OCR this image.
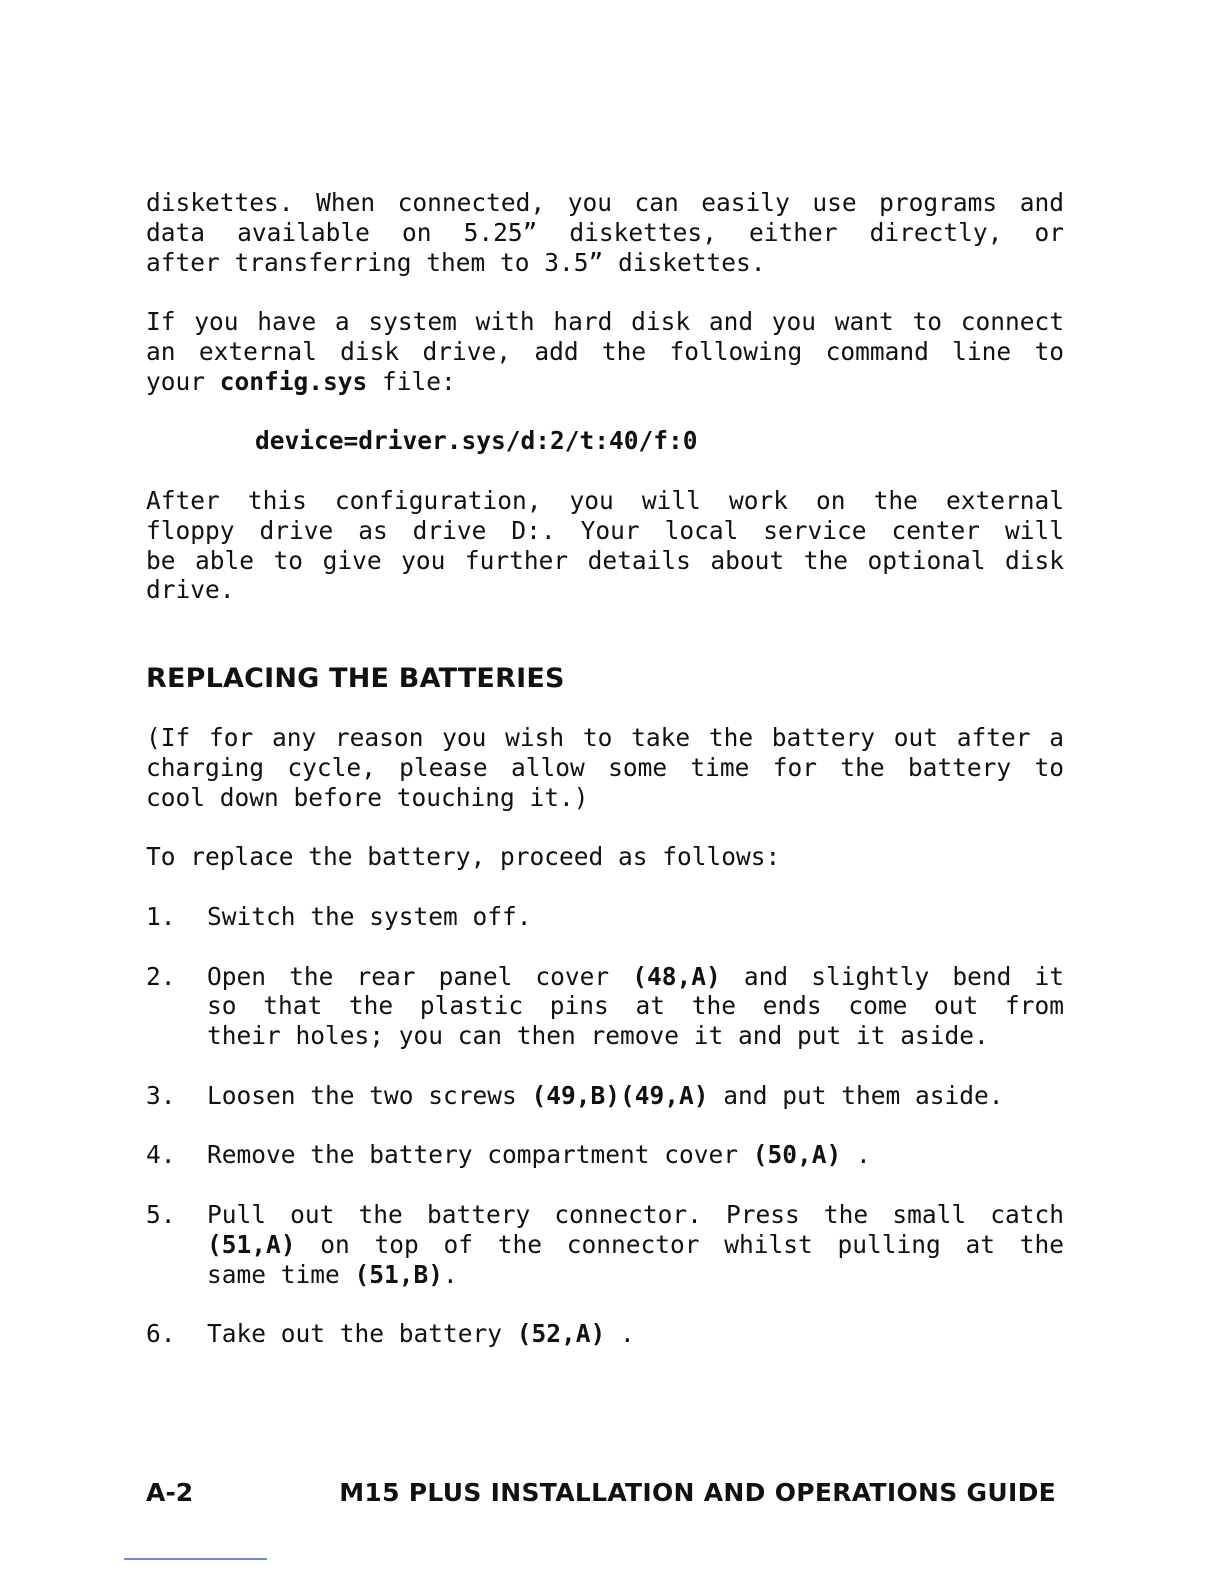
diskettes. When connected, you can easily use programs and
data available on 5.25” diskettes, either directly, or
after transferring them to 3.5” diskettes.
If you have a system with hard disk and you want to connect
an external disk drive, add the following command line to
your config.sys file:

device=driver.sys/d:2/t:40/f:0

After this configuration, you will work on the external
floppy drive as drive D:. Your local service center will
be able to give you further details about the optional disk
drive.
REPLACING THE BATTERIES
(If for any reason you wish to take the battery out after a
charging cycle, please allow some time for the battery to
cool down before touching it.)
To replace the battery, proceed as follows:
1.	Switch the system off.
2.	Open the rear panel cover (48,A) and slightly bend it
so that the plastic pins at the ends come out from
their holes; you can then remove it and put it aside.
3.	Loosen the two screws (49,B)(49,A) and put them aside.
4.	Remove the battery compartment cover (50,A) .
5.	Pull out the battery connector. Press the small catch
(51,A) on top of the connector whilst pulling at the
same time (51,B).
6.	Take out the battery (52,A) .
A-2	M15 PLUS INSTALLATION AND OPERATIONS GUIDE
